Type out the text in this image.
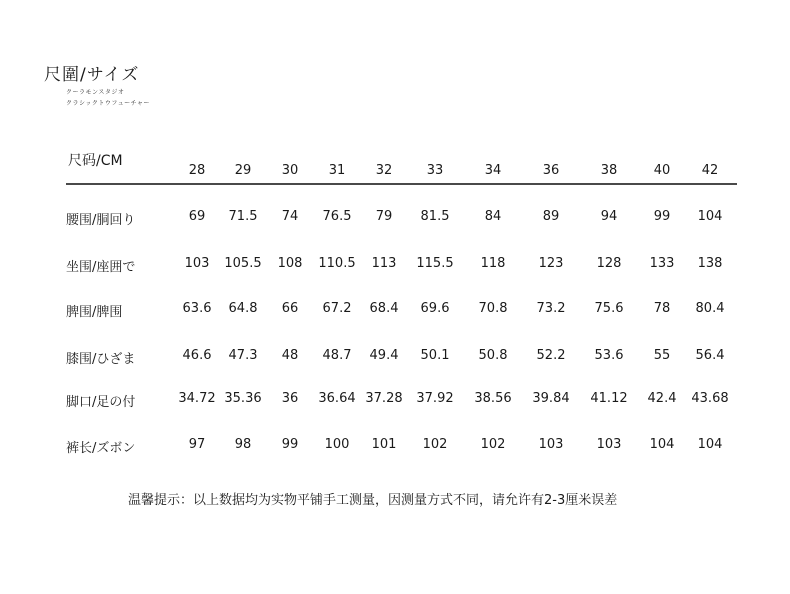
尺圍/サイズ
クーラモンスタジオ
クラシックトウフューチャー
尺码/CM
28 29 30 31 32	33	34	36	38	40 42
腰围/胴回り	69 71.5 74 76.5 79 81.5	84	89	94	99 104
坐围/座囲で	103 105.5 108 110.5 113 115.5 118	123	128 133 138
脾围/脾围	63.6 64.8 66 67.2 68.4 69.6 70.8 73.2 75.6 78 80.4
膝围/ひざま	46.6 47.3 48 48.7 49.4 50.1 50.8 52.2 53.6 55 56.4
脚口/足の付	34.72 35.36 36 36.64 37.28 37.92 38.56 39.84 41.12 42.4 43.68
裤长/ズボン	97 98 99 100 101 102	102	103	103 104 104
温馨提示：以上数据均为实物平铺手工测量，因测量方式不同，请允许有2-3厘米误差
